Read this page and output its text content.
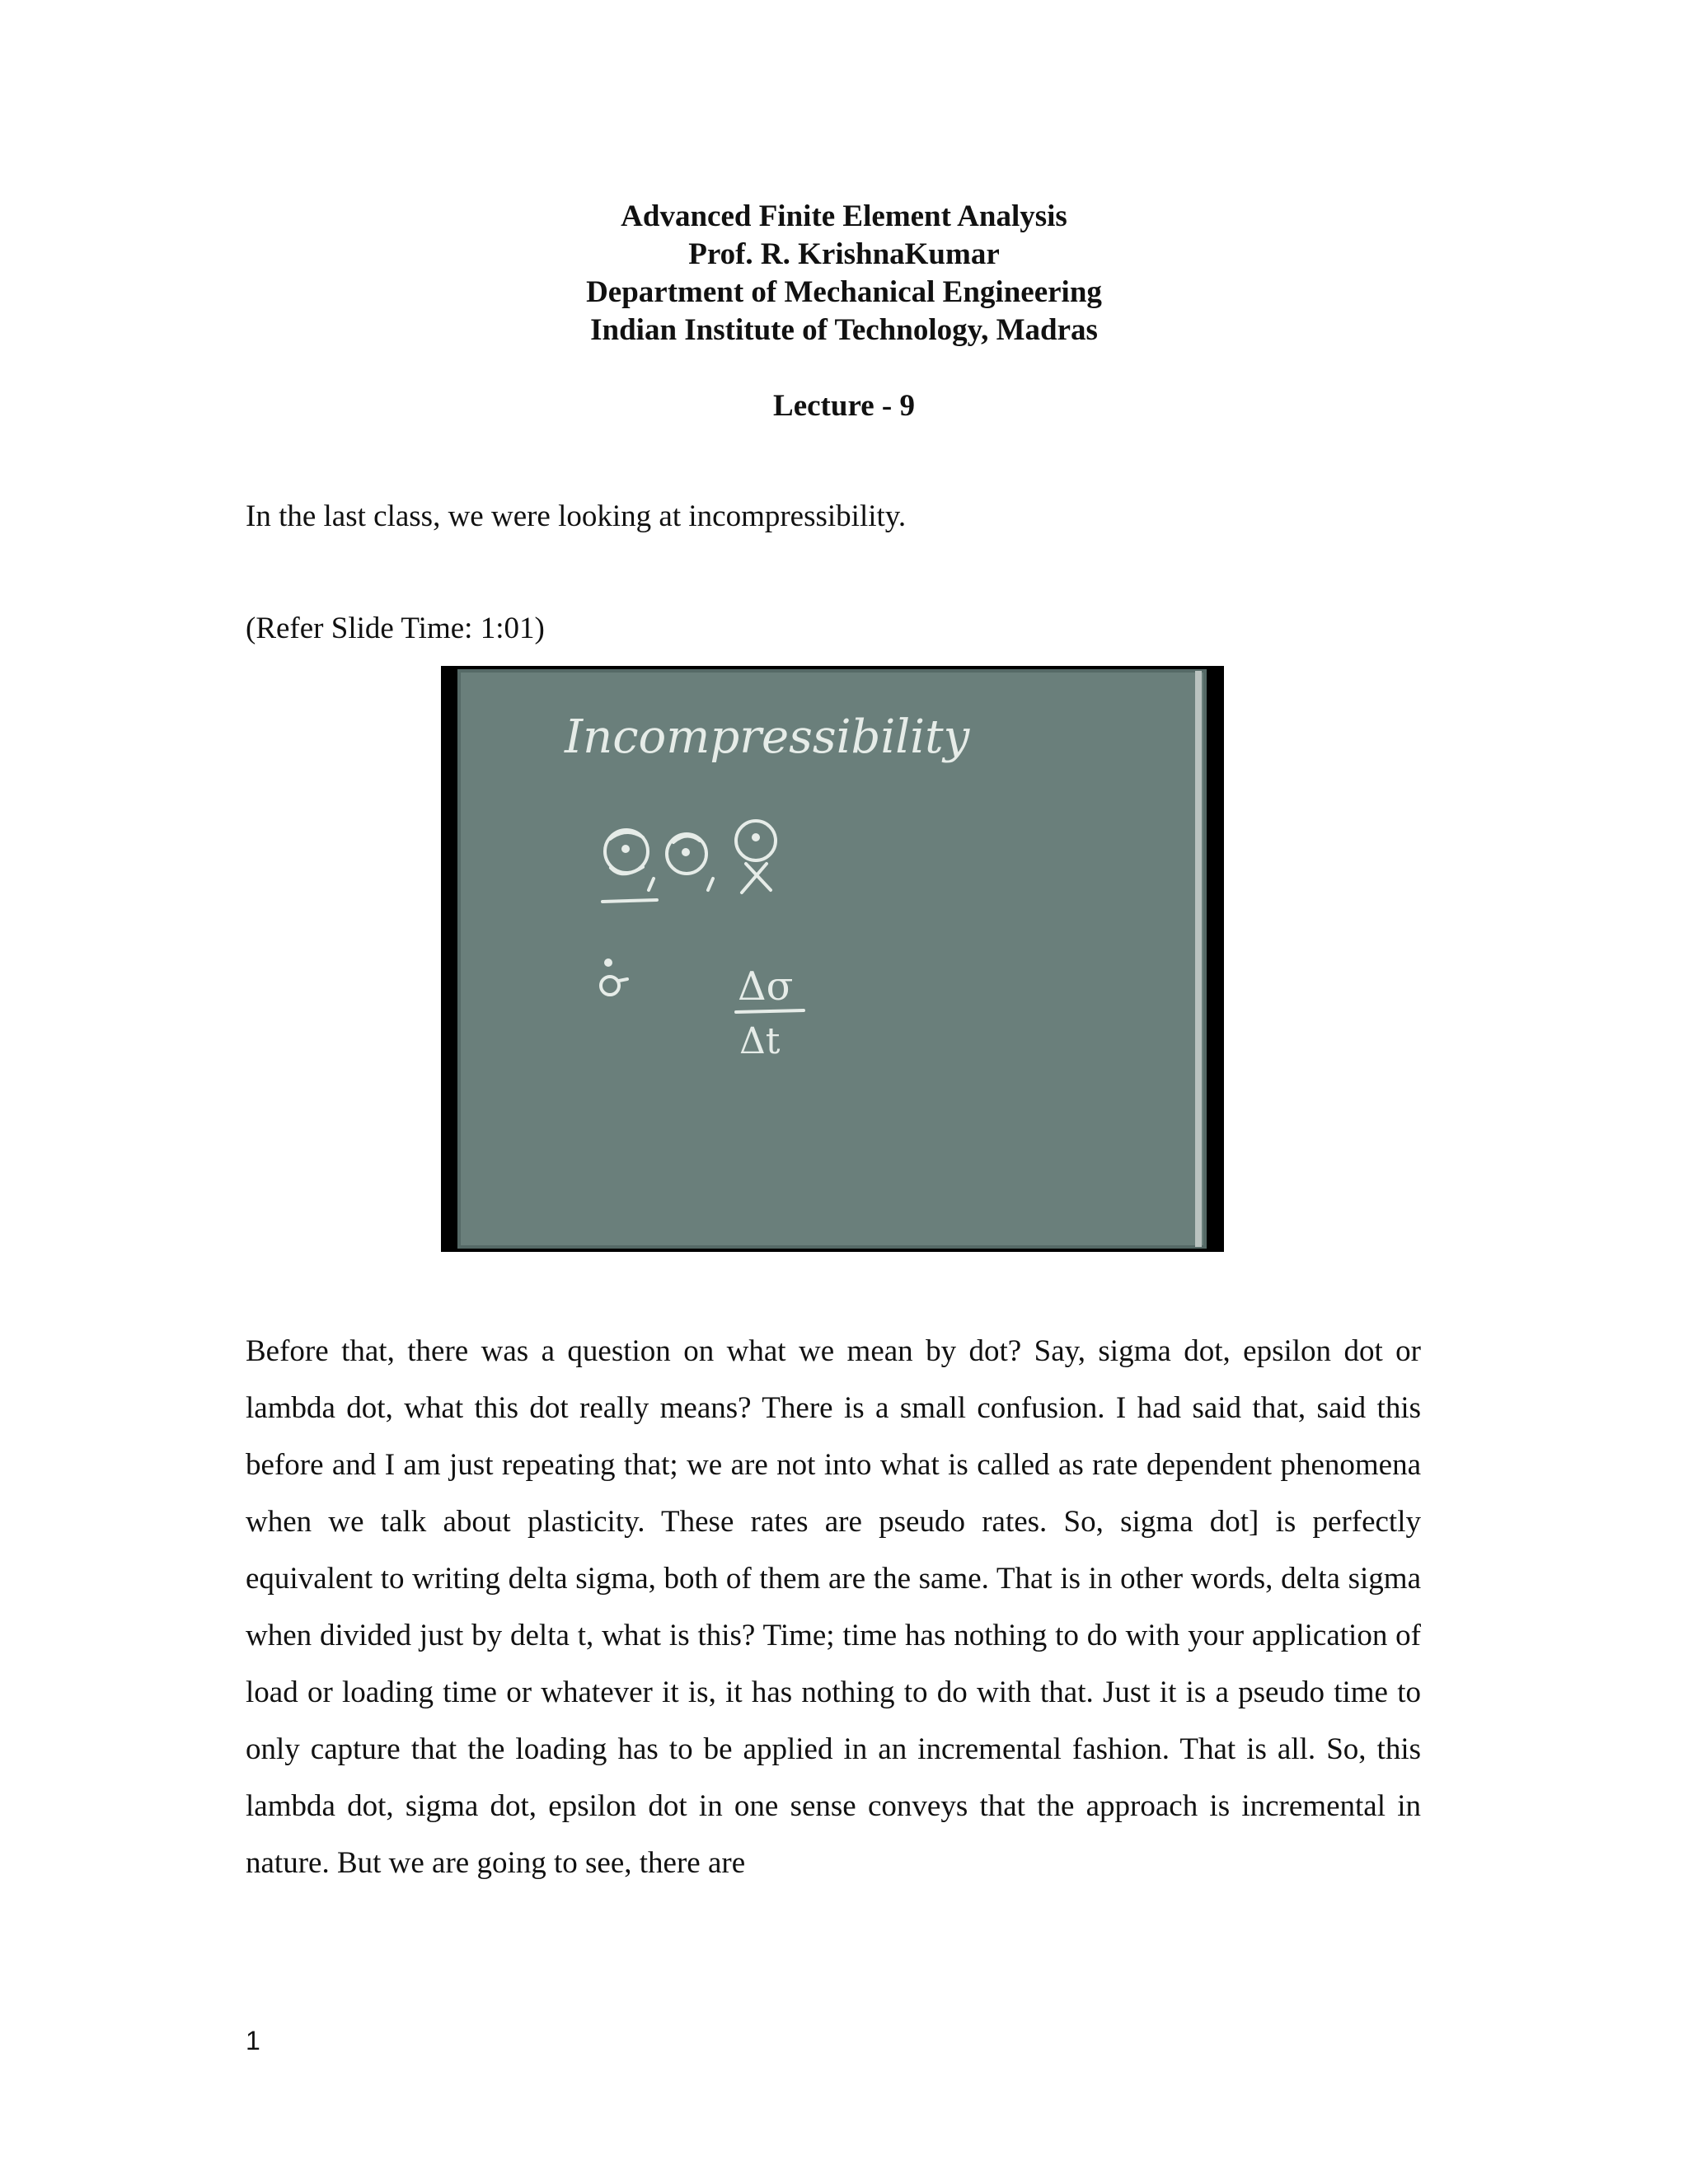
Advanced Finite Element Analysis
Prof. R. KrishnaKumar
Department of Mechanical Engineering
Indian Institute of Technology, Madras
Lecture - 9
In the last class, we were looking at incompressibility.
(Refer Slide Time: 1:01)
Incompressibility
Δσ
Δt
Before that, there was a question on what we mean by dot? Say, sigma dot, epsilon dot or lambda dot, what this dot really means? There is a small confusion. I had said that, said this before and I am just repeating that; we are not into what is called as rate dependent phenomena when we talk about plasticity. These rates are pseudo rates. So, sigma dot] is perfectly equivalent to writing delta sigma, both of them are the same. That is in other words, delta sigma when divided just by delta t, what is this? Time; time has nothing to do with your application of load or loading time or whatever it is, it has nothing to do with that. Just it is a pseudo time to only capture that the loading has to be applied in an incremental fashion. That is all. So, this lambda dot, sigma dot, epsilon dot in one sense conveys that the approach is incremental in nature. But we are going to see, there are
1
